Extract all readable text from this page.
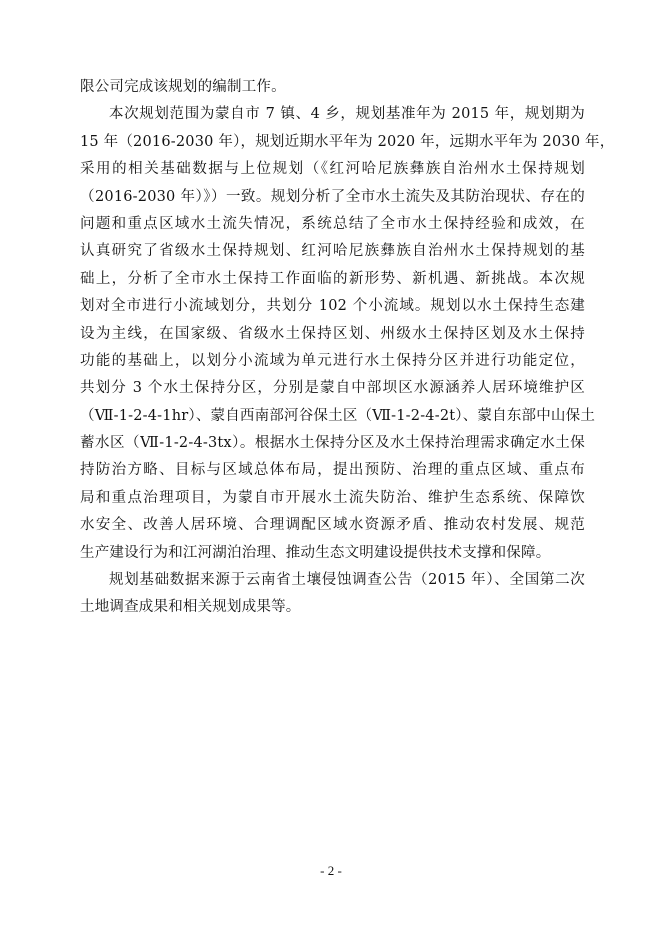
限公司完成该规划的编制工作。
本次规划范围为蒙自市 7 镇、4 乡，规划基准年为 2015 年，规划期为
15 年（2016-2030 年），规划近期水平年为 2020 年，远期水平年为 2030 年，
采用的相关基础数据与上位规划（《红河哈尼族彝族自治州水土保持规划
（2016-2030 年）》）一致。规划分析了全市水土流失及其防治现状、存在的
问题和重点区域水土流失情况，系统总结了全市水土保持经验和成效，在
认真研究了省级水土保持规划、红河哈尼族彝族自治州水土保持规划的基
础上，分析了全市水土保持工作面临的新形势、新机遇、新挑战。本次规
划对全市进行小流域划分，共划分 102 个小流域。规划以水土保持生态建
设为主线，在国家级、省级水土保持区划、州级水土保持区划及水土保持
功能的基础上，以划分小流域为单元进行水土保持分区并进行功能定位，
共划分 3 个水土保持分区，分别是蒙自中部坝区水源涵养人居环境维护区
（Ⅶ-1-2-4-1hr）、蒙自西南部河谷保土区（Ⅶ-1-2-4-2t）、蒙自东部中山保土
蓄水区（Ⅶ-1-2-4-3tx）。根据水土保持分区及水土保持治理需求确定水土保
持防治方略、目标与区域总体布局，提出预防、治理的重点区域、重点布
局和重点治理项目，为蒙自市开展水土流失防治、维护生态系统、保障饮
水安全、改善人居环境、合理调配区域水资源矛盾、推动农村发展、规范
生产建设行为和江河湖泊治理、推动生态文明建设提供技术支撑和保障。
规划基础数据来源于云南省土壤侵蚀调查公告（2015 年）、全国第二次
土地调查成果和相关规划成果等。
- 2 -
